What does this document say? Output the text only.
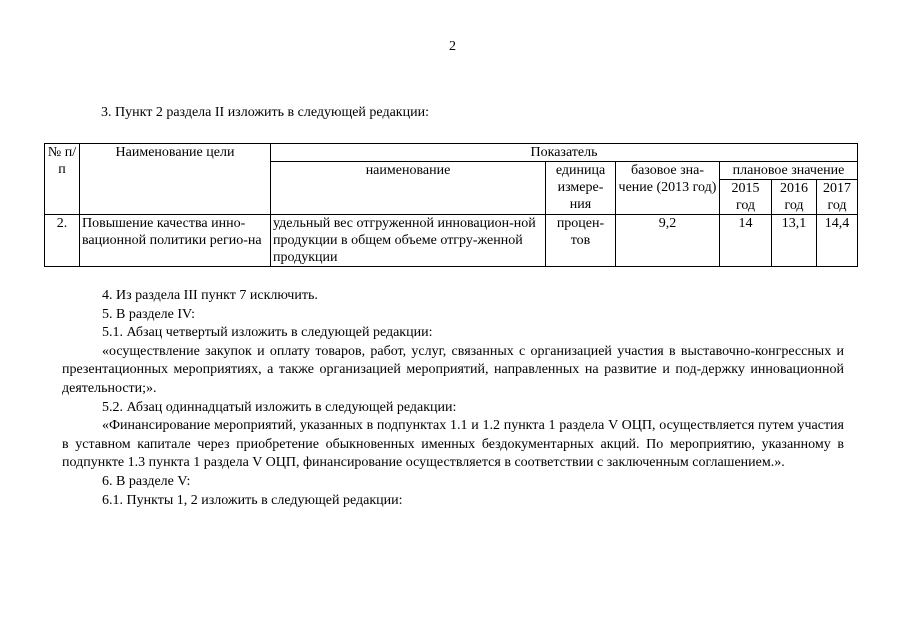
2
3. Пункт 2 раздела II изложить в следующей редакции:
№ п/п	Наименование цели	Показатель					
		наименование	единица измере-ния	базовое зна-чение (2013 год)	плановое значение		
					2015 год	2016 год	2017 год

2.	Повышение качества инно-вационной политики регио-на	удельный вес отгруженной инновацион-ной продукции в общем объеме отгру-женной продукции	процен-тов	9,2	14	13,1	14,4

4. Из раздела III пункт 7 исключить.

5. В разделе IV:

5.1. Абзац четвертый изложить в следующей редакции:

«осуществление закупок и оплату товаров, работ, услуг, связанных с организацией участия в выставочно-конгрессных и презентационных мероприятиях, а также организацией мероприятий, направленных на развитие и под-держку инновационной деятельности;».

5.2. Абзац одиннадцатый изложить в следующей редакции:

«Финансирование мероприятий, указанных в подпунктах 1.1 и 1.2 пункта 1 раздела V ОЦП, осуществляется путем участия в уставном капитале через приобретение обыкновенных именных бездокументарных акций. По мероприятию, указанному в подпункте 1.3 пункта 1 раздела V ОЦП, финансирование осуществляется в соответствии с заключенным соглашением.».

6. В разделе V:

6.1. Пункты 1, 2 изложить в следующей редакции:
